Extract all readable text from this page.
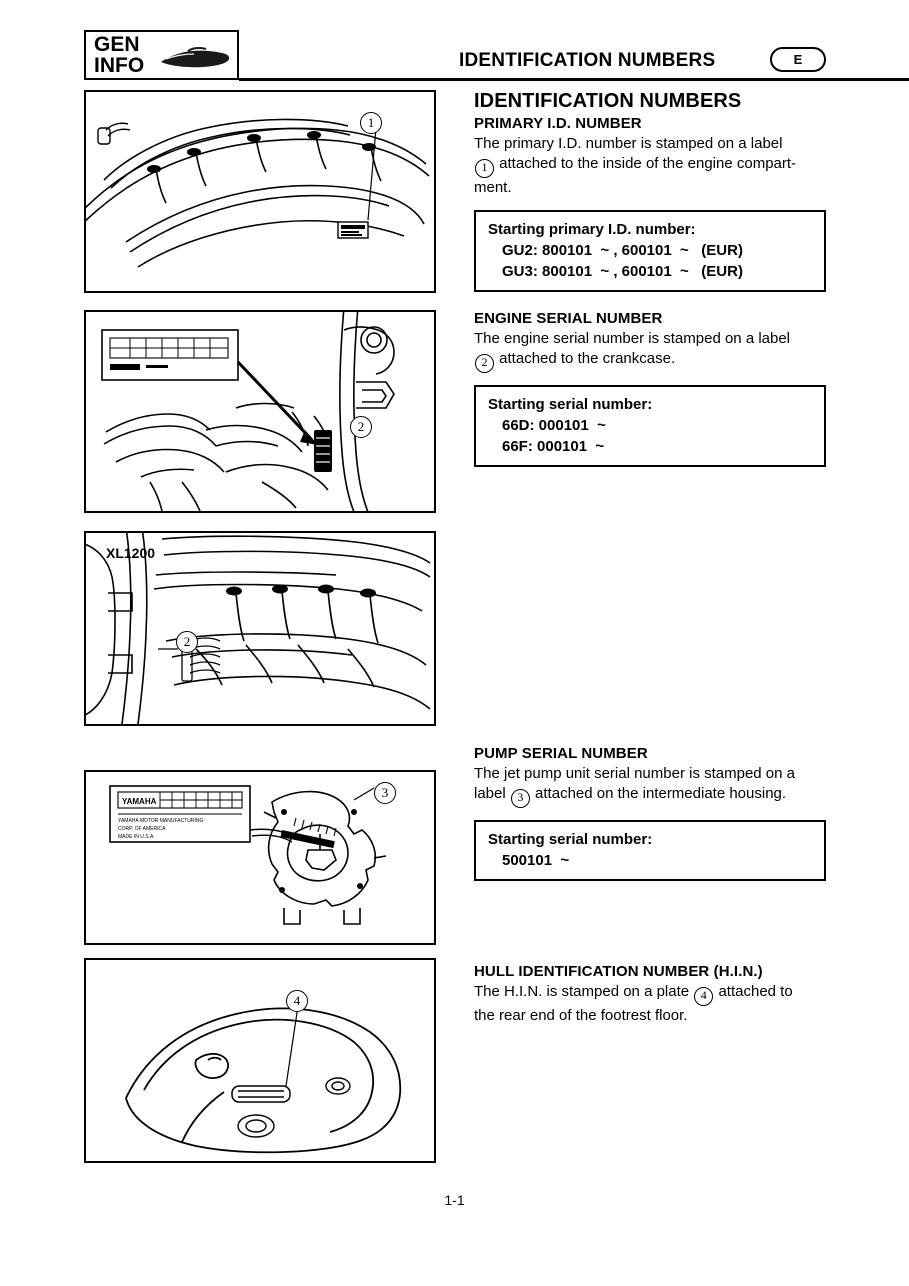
GEN
INFO	IDENTIFICATION NUMBERS	E
1
2
XL1200
2
YAMAHA
YAMAHA MOTOR MANUFACTURING
CORP. OF AMERICA
MADE IN U.S.A.
3
4
IDENTIFICATION NUMBERS
PRIMARY I.D. NUMBER

The primary I.D. number is stamped on a label
1 attached to the inside of the engine compart-
ment.

Starting primary I.D. number:

GU2: 800101  ~ , 600101  ~   (EUR)

GU3: 800101  ~ , 600101  ~   (EUR)

ENGINE SERIAL NUMBER

The engine serial number is stamped on a label
2 attached to the crankcase.

Starting serial number:

66D: 000101  ~

66F: 000101  ~

PUMP SERIAL NUMBER

The jet pump unit serial number is stamped on a
label 3 attached on the intermediate housing.

Starting serial number:

500101  ~

HULL IDENTIFICATION NUMBER (H.I.N.)

The H.I.N. is stamped on a plate 4 attached to
the rear end of the footrest floor.

1-1
